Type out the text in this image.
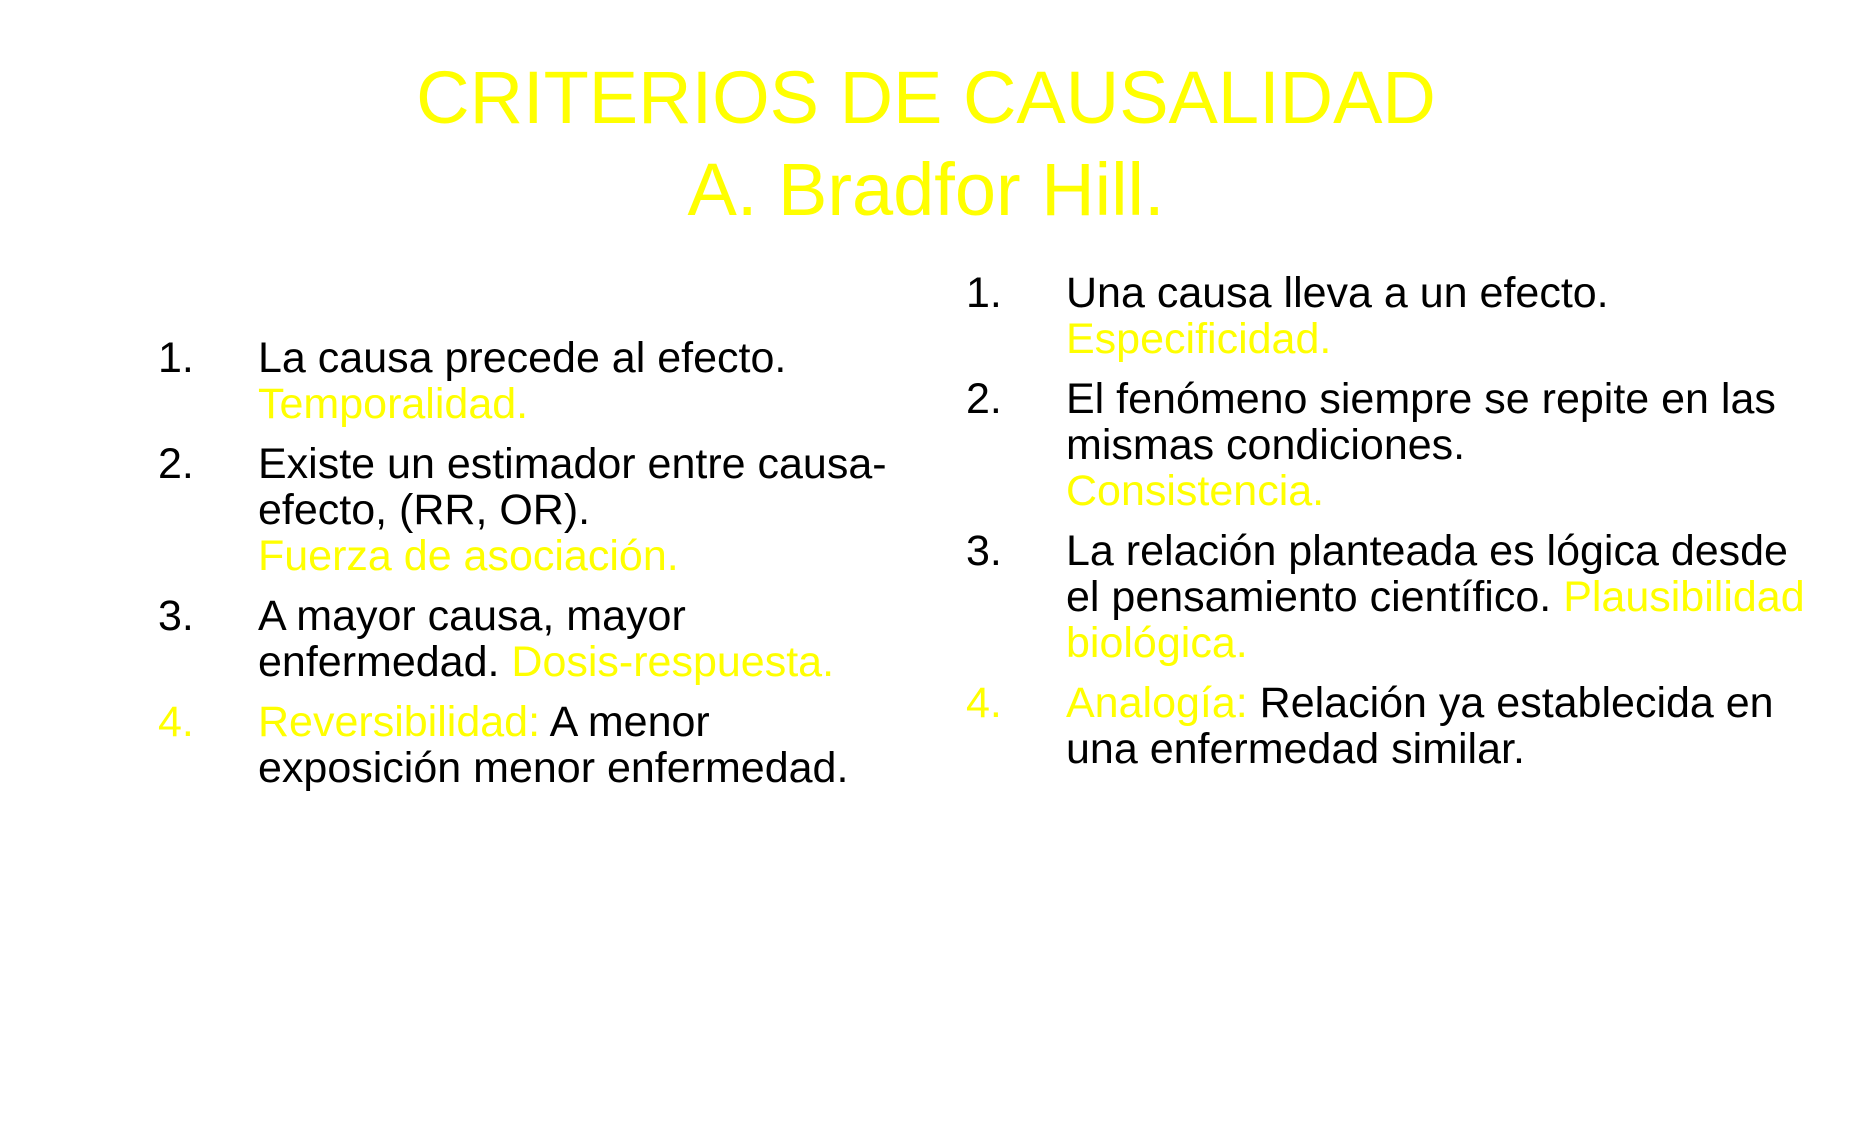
CRITERIOS DE CAUSALIDAD
A. Bradfor Hill.
1. La causa precede al efecto.
Temporalidad.
2. Existe un estimador entre causa-efecto, (RR, OR).
Fuerza de asociación.
3. A mayor causa, mayor enfermedad. Dosis-respuesta.
4. Reversibilidad: A menor exposición menor enfermedad.
1. Una causa lleva a un efecto.
Especificidad.
2. El fenómeno siempre se repite en las mismas condiciones.
Consistencia.
3. La relación planteada es lógica desde el pensamiento científico. Plausibilidad biológica.
4. Analogía: Relación ya establecida en una enfermedad similar.
